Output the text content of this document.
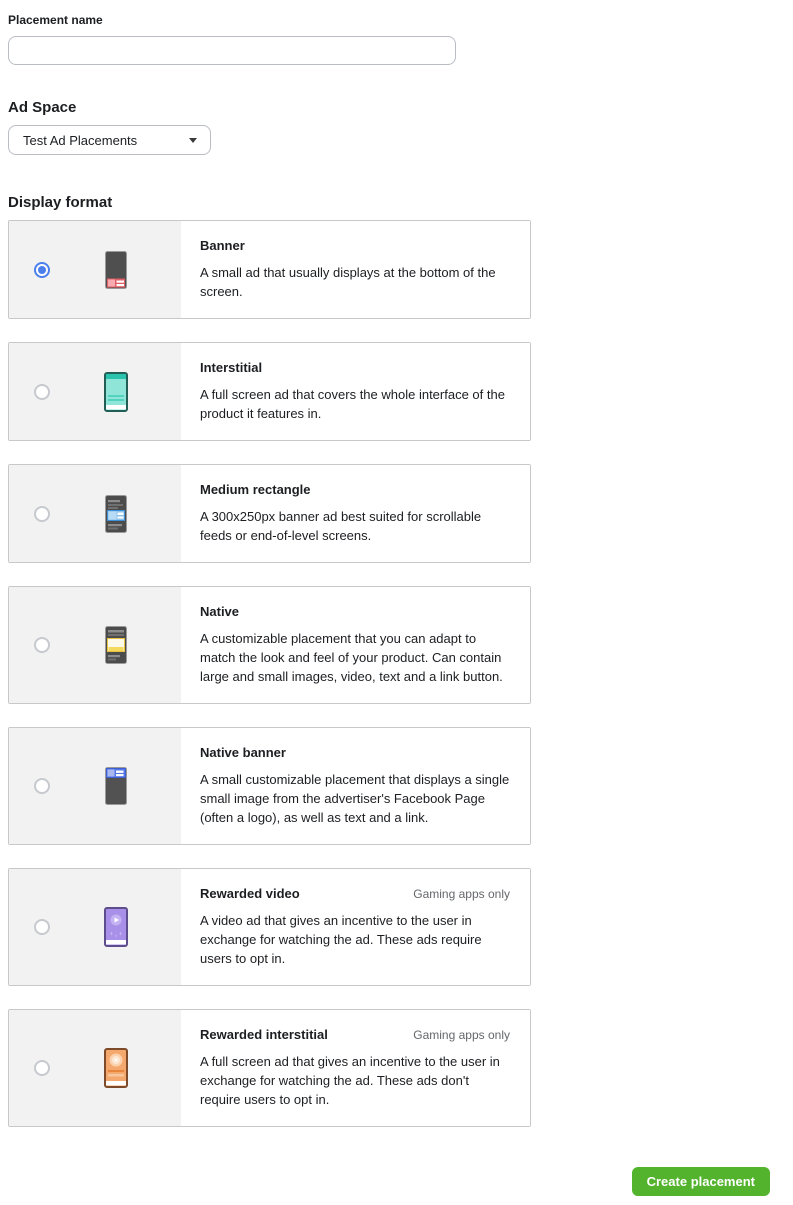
Placement name
Ad Space
Test Ad Placements
Display format
Banner

A small ad that usually displays at the bottom of the screen.

Interstitial

A full screen ad that covers the whole interface of the product it features in.

Medium rectangle

A 300x250px banner ad best suited for scrollable feeds or end-of-level screens.

Native

A customizable placement that you can adapt to match the look and feel of your product. Can contain large and small images, video, text and a link button.

Native banner

A small customizable placement that displays a single small image from the advertiser's Facebook Page (often a logo), as well as text and a link.

Rewarded video	Gaming apps only

A video ad that gives an incentive to the user in exchange for watching the ad. These ads require users to opt in.

Rewarded interstitial	Gaming apps only

A full screen ad that gives an incentive to the user in exchange for watching the ad. These ads don't require users to opt in.

Create placement
